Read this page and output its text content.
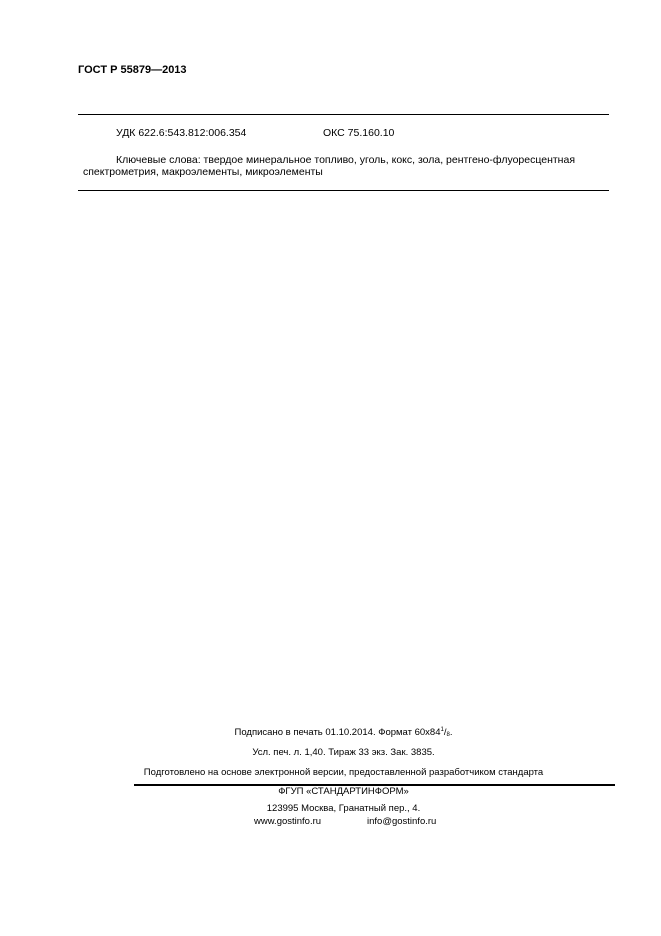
ГОСТ Р 55879—2013
УДК 622.6:543.812:006.354	ОКС 75.160.10
Ключевые слова: твердое минеральное топливо, уголь, кокс, зола, рентгено-флуоресцентная спектрометрия, макроэлементы, микроэлементы
Подписано в печать 01.10.2014. Формат $60x84^1/8$.
Усл. печ. л. 1,40. Тираж 33 экз. Зак. 3835.
Подготовлено на основе электронной версии, предоставленной разработчиком стандарта
ФГУП «СТАНДАРТИНФОРМ»
123995 Москва, Гранатный пер., 4.
www.gostinfo.ru	info@gostinfo.ru
